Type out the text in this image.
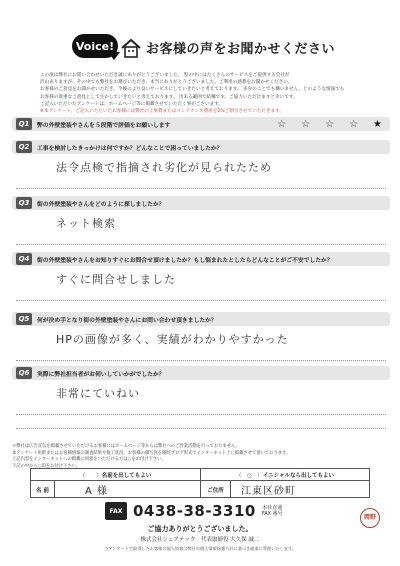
Voice! お客様の声をお聞かせください
この度は弊社にお問い合わせいただき誠にありがとうございました。 堅の中にはたくさんのサービスをご提供する会社が
沢山ありますが、その中でも弊社をお選びいただき、本当にありがとうございました。ご利用の感想をお聞かせください。
お客様のご意見をお聞かせいただき、今後のより良いサービスにしていきたいと考えております。 多少のことでも構いません、どのような情報でも
お客様の貴重なご意見として生かしていきたいと考えております。 出来る範囲で結構です。ご協力いただけますと幸いです。
ご記入いただいたアンケートは、ホームページ等に掲載させていただく事がございます。
※本アンケート、ご記入いただいたお客様には弊社の工事費またはメンテナンス費用を2%ご割引させていただきます。
Q1	弊の外壁塗装やさんを５段階で評価をお願いします	☆ ☆ ☆ ☆ ★
Q2	工事を検討したきっかけは何ですか？どんなことで困っていましたか？
法令点検で指摘され劣化が見られたため
Q3	街の外壁塗装やさんをどのように探しましたか？
ネット検索
Q4	街の外壁塗装やさんをお知りすぐにお問合せ頂けましたか？もし悩まれたとしたらどんなことがご不安でしたか？
すぐに問合せしました
Q5	何が決め手となり街の外壁塗装やさんにお問い合わせ頂きましたか？
HPの画像が多く、実績がわかりやすかった
Q6	実際に弊社担当者がお伺いしていかがでしたか？
非常にていねい
＊弊社は広告宣伝を掲載させていただけるお客様にはホームページ等からは弊社へのご営業活動を行っておりません。
本アンケート用紙またはお客様情報の調査結果や施工状況、お客様の顔写真を随時ブログ形式でインターネット上に掲載させて頂いております。
上記内容をインターネットへの掲載に同意をいただける方は○をお付け下さい。
下記の中から○印をお付け下さい。
（　　） 名前を出してもよい	（　○　） イニシャルなら出してもよい
名 前	A 様	ご住所 江東区砂町
FAX 0438-38-3310 本社直通
FAX 番号	岡野
ご協力ありがとうございました。
株式会社シェアテック　代表取締役 大久保 誠二
当アンケートで取得したお客様の個人情報は弊社の個人情報保護方針に基づき厳重に管理いたします。
